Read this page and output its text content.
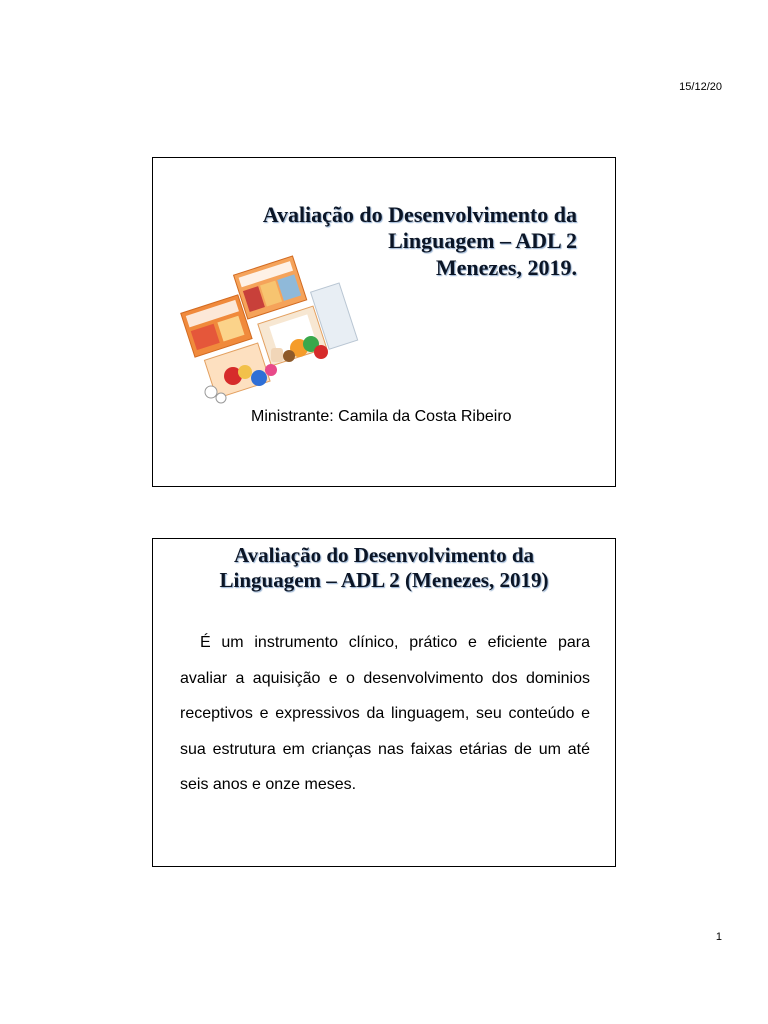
15/12/20
Avaliação do Desenvolvimento da
Linguagem – ADL 2
Menezes, 2019.
Ministrante: Camila da Costa Ribeiro
Avaliação do Desenvolvimento da
Linguagem – ADL 2 (Menezes, 2019)
É um instrumento clínico, prático e eficiente para avaliar a aquisição e o desenvolvimento dos dominios receptivos e expressivos da linguagem, seu conteúdo e sua estrutura em crianças nas faixas etárias de um até seis anos e onze meses.
1
